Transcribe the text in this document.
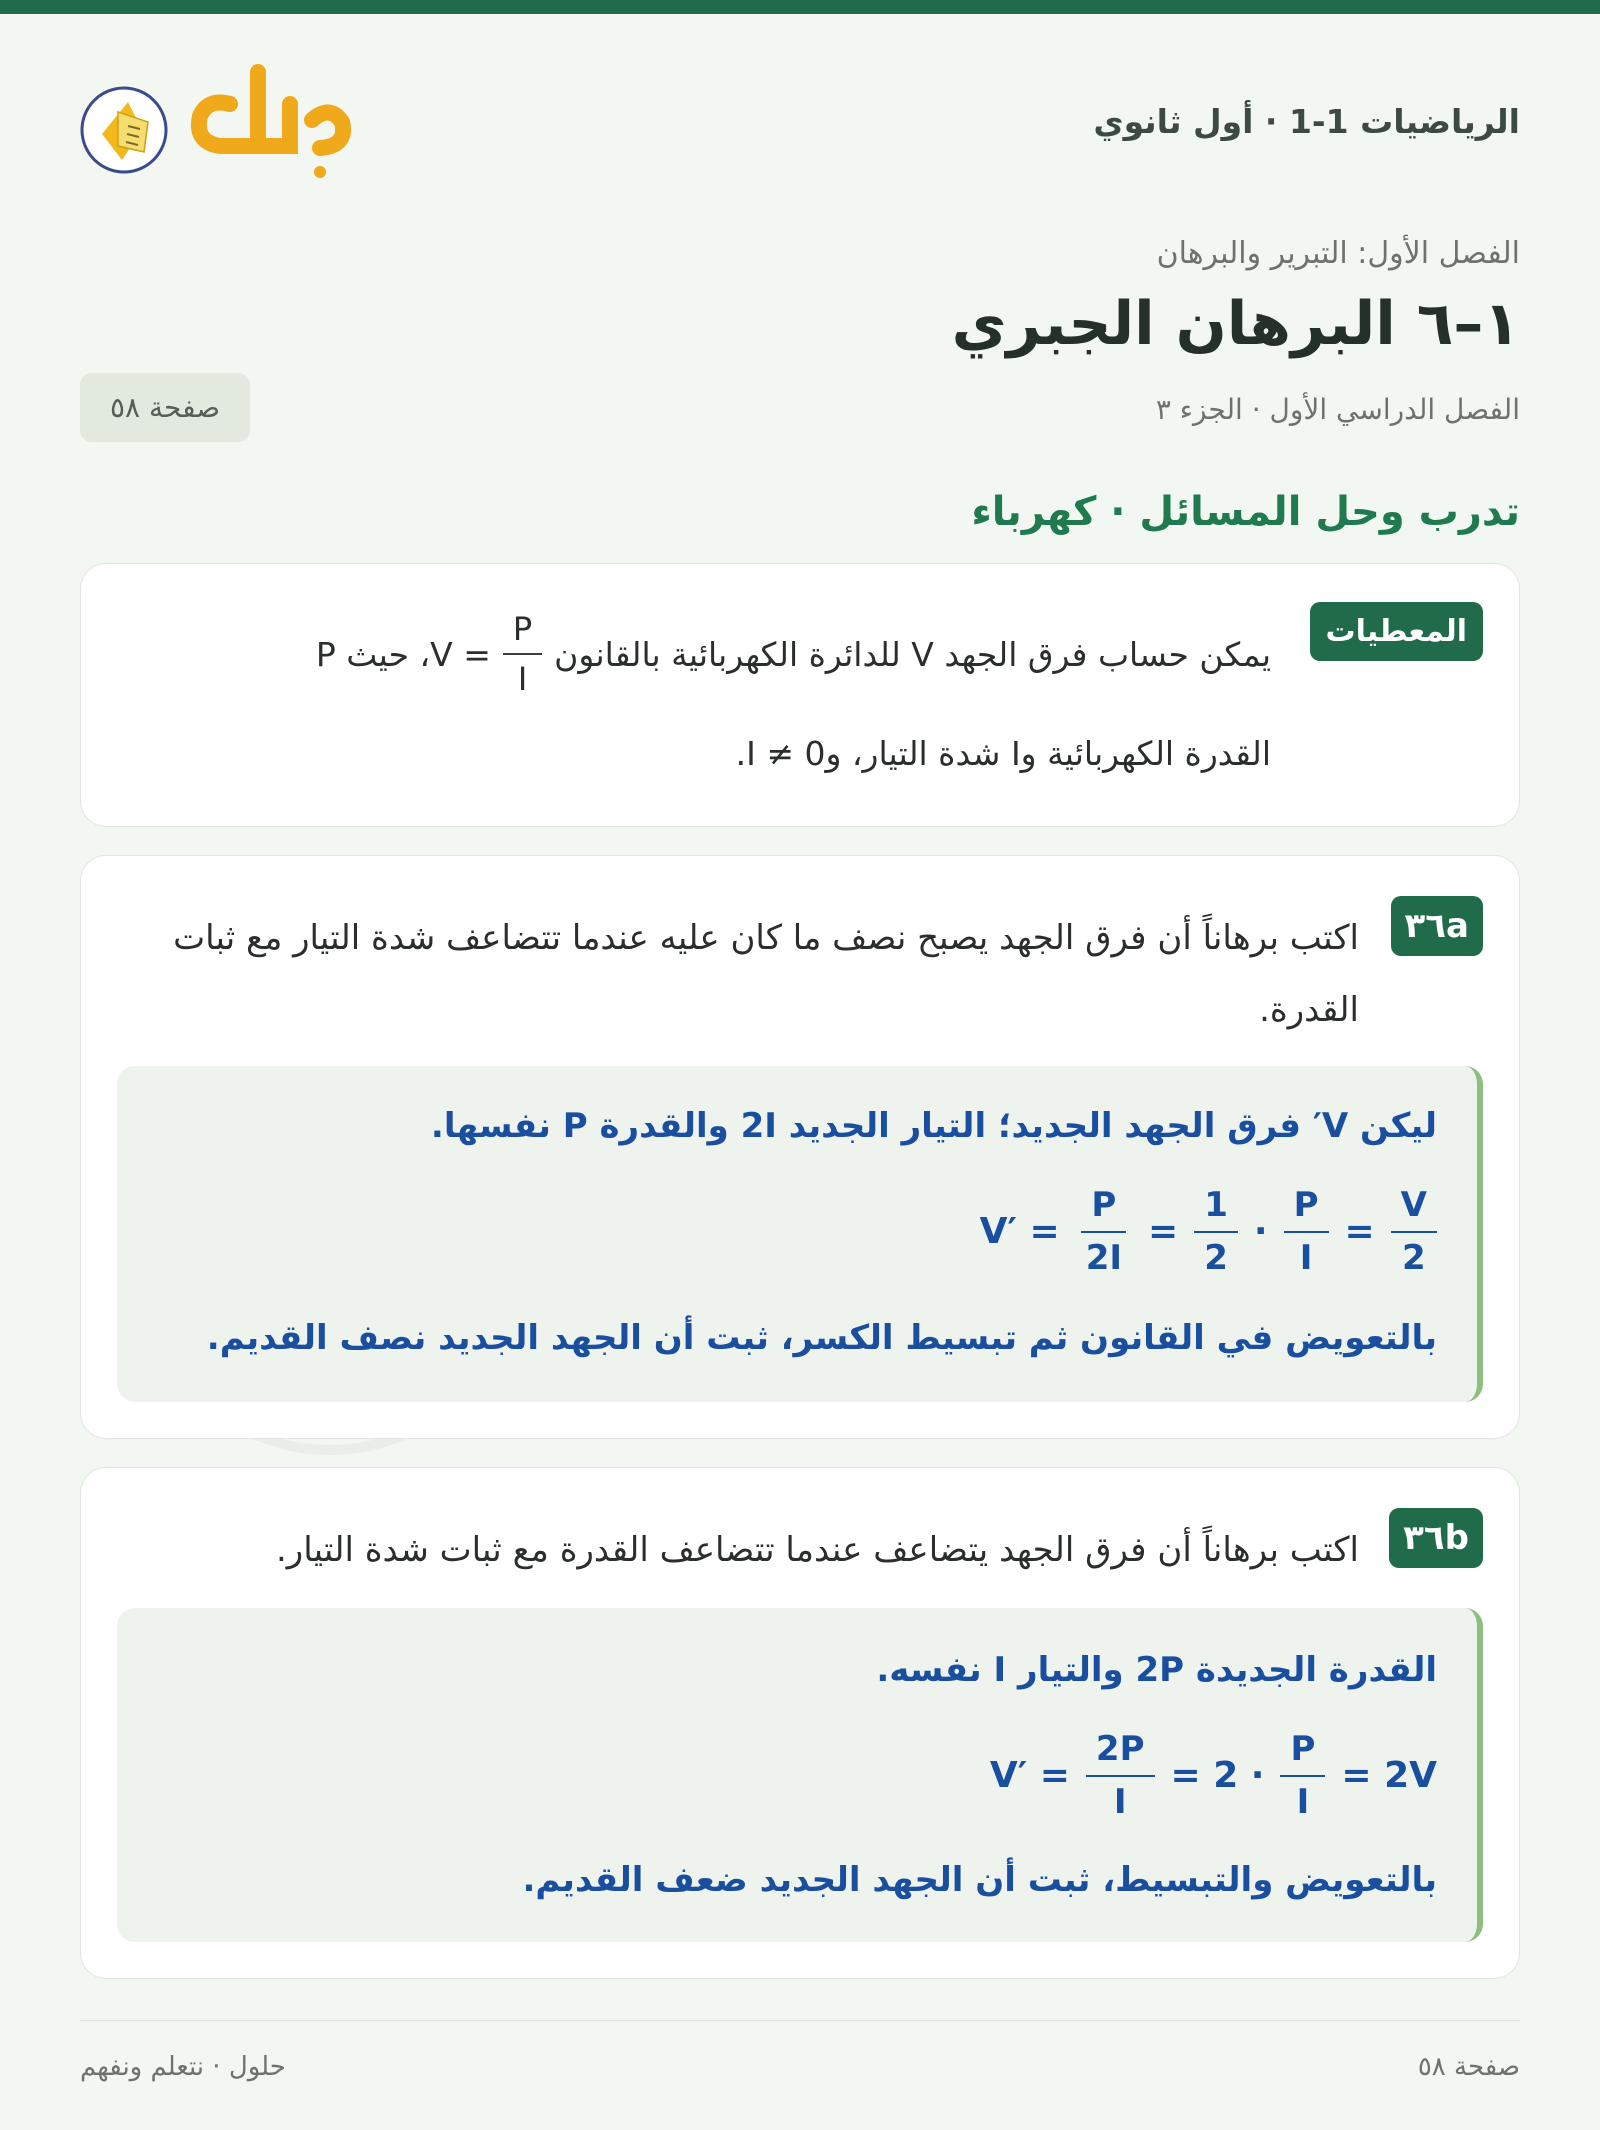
الرياضيات 1-1 · أول ثانوي
الفصل الأول: التبرير والبرهان
١–٦ البرهان الجبري
الفصل الدراسي الأول · الجزء ٣
صفحة ٥٨
تدرب وحل المسائل · كهرباء
المعطيات
يمكن حساب فرق الجهد V للدائرة الكهربائية بالقانون
$\frac{P}{I}$
= V، حيث P
القدرة الكهربائية وI شدة التيار، و0 ≠ I.
٣٦a
اكتب برهاناً أن فرق الجهد يصبح نصف ما كان عليه عندما تتضاعف شدة التيار مع ثبات القدرة.
ليكن V′ فرق الجهد الجديد؛ التيار الجديد 2I والقدرة P نفسها.
$V' = \frac{P}{2I} = \frac{1}{2} \cdot \frac{P}{I} = \frac{V}{2}$
بالتعويض في القانون ثم تبسيط الكسر، ثبت أن الجهد الجديد نصف القديم.
٣٦b
اكتب برهاناً أن فرق الجهد يتضاعف عندما تتضاعف القدرة مع ثبات شدة التيار.
القدرة الجديدة 2P والتيار I نفسه.
$V' = \frac{2P}{I} = 2 \cdot \frac{P}{I} = 2V$
بالتعويض والتبسيط، ثبت أن الجهد الجديد ضعف القديم.
صفحة ٥٨
حلول · نتعلم ونفهم
